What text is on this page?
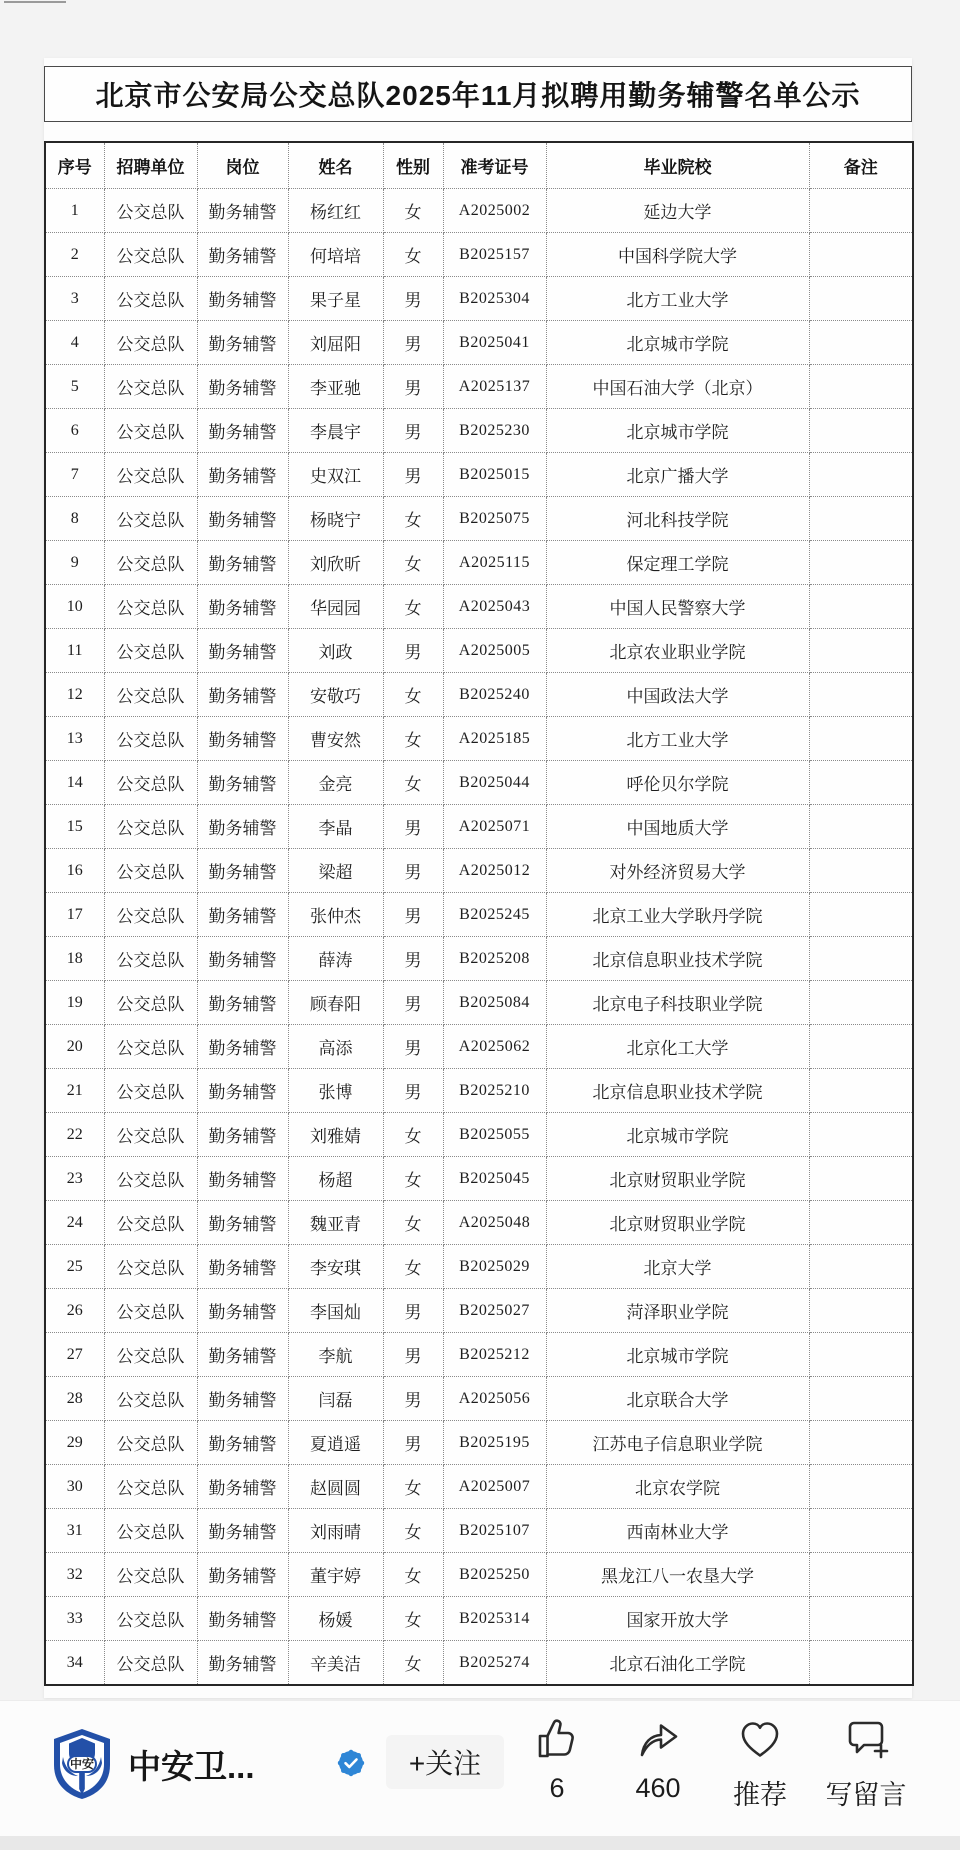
北京市公安局公交总队2025年11月拟聘用勤务辅警名单公示
序号	招聘单位	岗位	姓名	性别	准考证号	毕业院校	备注
1	公交总队	勤务辅警	杨红红	女	A2025002	延边大学	
2	公交总队	勤务辅警	何培培	女	B2025157	中国科学院大学	
3	公交总队	勤务辅警	果子星	男	B2025304	北方工业大学	
4	公交总队	勤务辅警	刘屈阳	男	B2025041	北京城市学院	
5	公交总队	勤务辅警	李亚驰	男	A2025137	中国石油大学（北京）	
6	公交总队	勤务辅警	李晨宇	男	B2025230	北京城市学院	
7	公交总队	勤务辅警	史双江	男	B2025015	北京广播大学	
8	公交总队	勤务辅警	杨晓宁	女	B2025075	河北科技学院	
9	公交总队	勤务辅警	刘欣昕	女	A2025115	保定理工学院	
10	公交总队	勤务辅警	华园园	女	A2025043	中国人民警察大学	
11	公交总队	勤务辅警	刘政	男	A2025005	北京农业职业学院	
12	公交总队	勤务辅警	安敬巧	女	B2025240	中国政法大学	
13	公交总队	勤务辅警	曹安然	女	A2025185	北方工业大学	
14	公交总队	勤务辅警	金亮	女	B2025044	呼伦贝尔学院	
15	公交总队	勤务辅警	李晶	男	A2025071	中国地质大学	
16	公交总队	勤务辅警	梁超	男	A2025012	对外经济贸易大学	
17	公交总队	勤务辅警	张仲杰	男	B2025245	北京工业大学耿丹学院	
18	公交总队	勤务辅警	薛涛	男	B2025208	北京信息职业技术学院	
19	公交总队	勤务辅警	顾春阳	男	B2025084	北京电子科技职业学院	
20	公交总队	勤务辅警	高添	男	A2025062	北京化工大学	
21	公交总队	勤务辅警	张博	男	B2025210	北京信息职业技术学院	
22	公交总队	勤务辅警	刘雅婧	女	B2025055	北京城市学院	
23	公交总队	勤务辅警	杨超	女	B2025045	北京财贸职业学院	
24	公交总队	勤务辅警	魏亚青	女	A2025048	北京财贸职业学院	
25	公交总队	勤务辅警	李安琪	女	B2025029	北京大学	
26	公交总队	勤务辅警	李国灿	男	B2025027	菏泽职业学院	
27	公交总队	勤务辅警	李航	男	B2025212	北京城市学院	
28	公交总队	勤务辅警	闫磊	男	A2025056	北京联合大学	
29	公交总队	勤务辅警	夏逍遥	男	B2025195	江苏电子信息职业学院	
30	公交总队	勤务辅警	赵圆圆	女	A2025007	北京农学院	
31	公交总队	勤务辅警	刘雨晴	女	B2025107	西南林业大学	
32	公交总队	勤务辅警	董宇婷	女	B2025250	黑龙江八一农垦大学	
33	公交总队	勤务辅警	杨媛	女	B2025314	国家开放大学	
34	公交总队	勤务辅警	辛美洁	女	B2025274	北京石油化工学院	
中安 中安卫...	+关注
6	460 推荐 写留言
